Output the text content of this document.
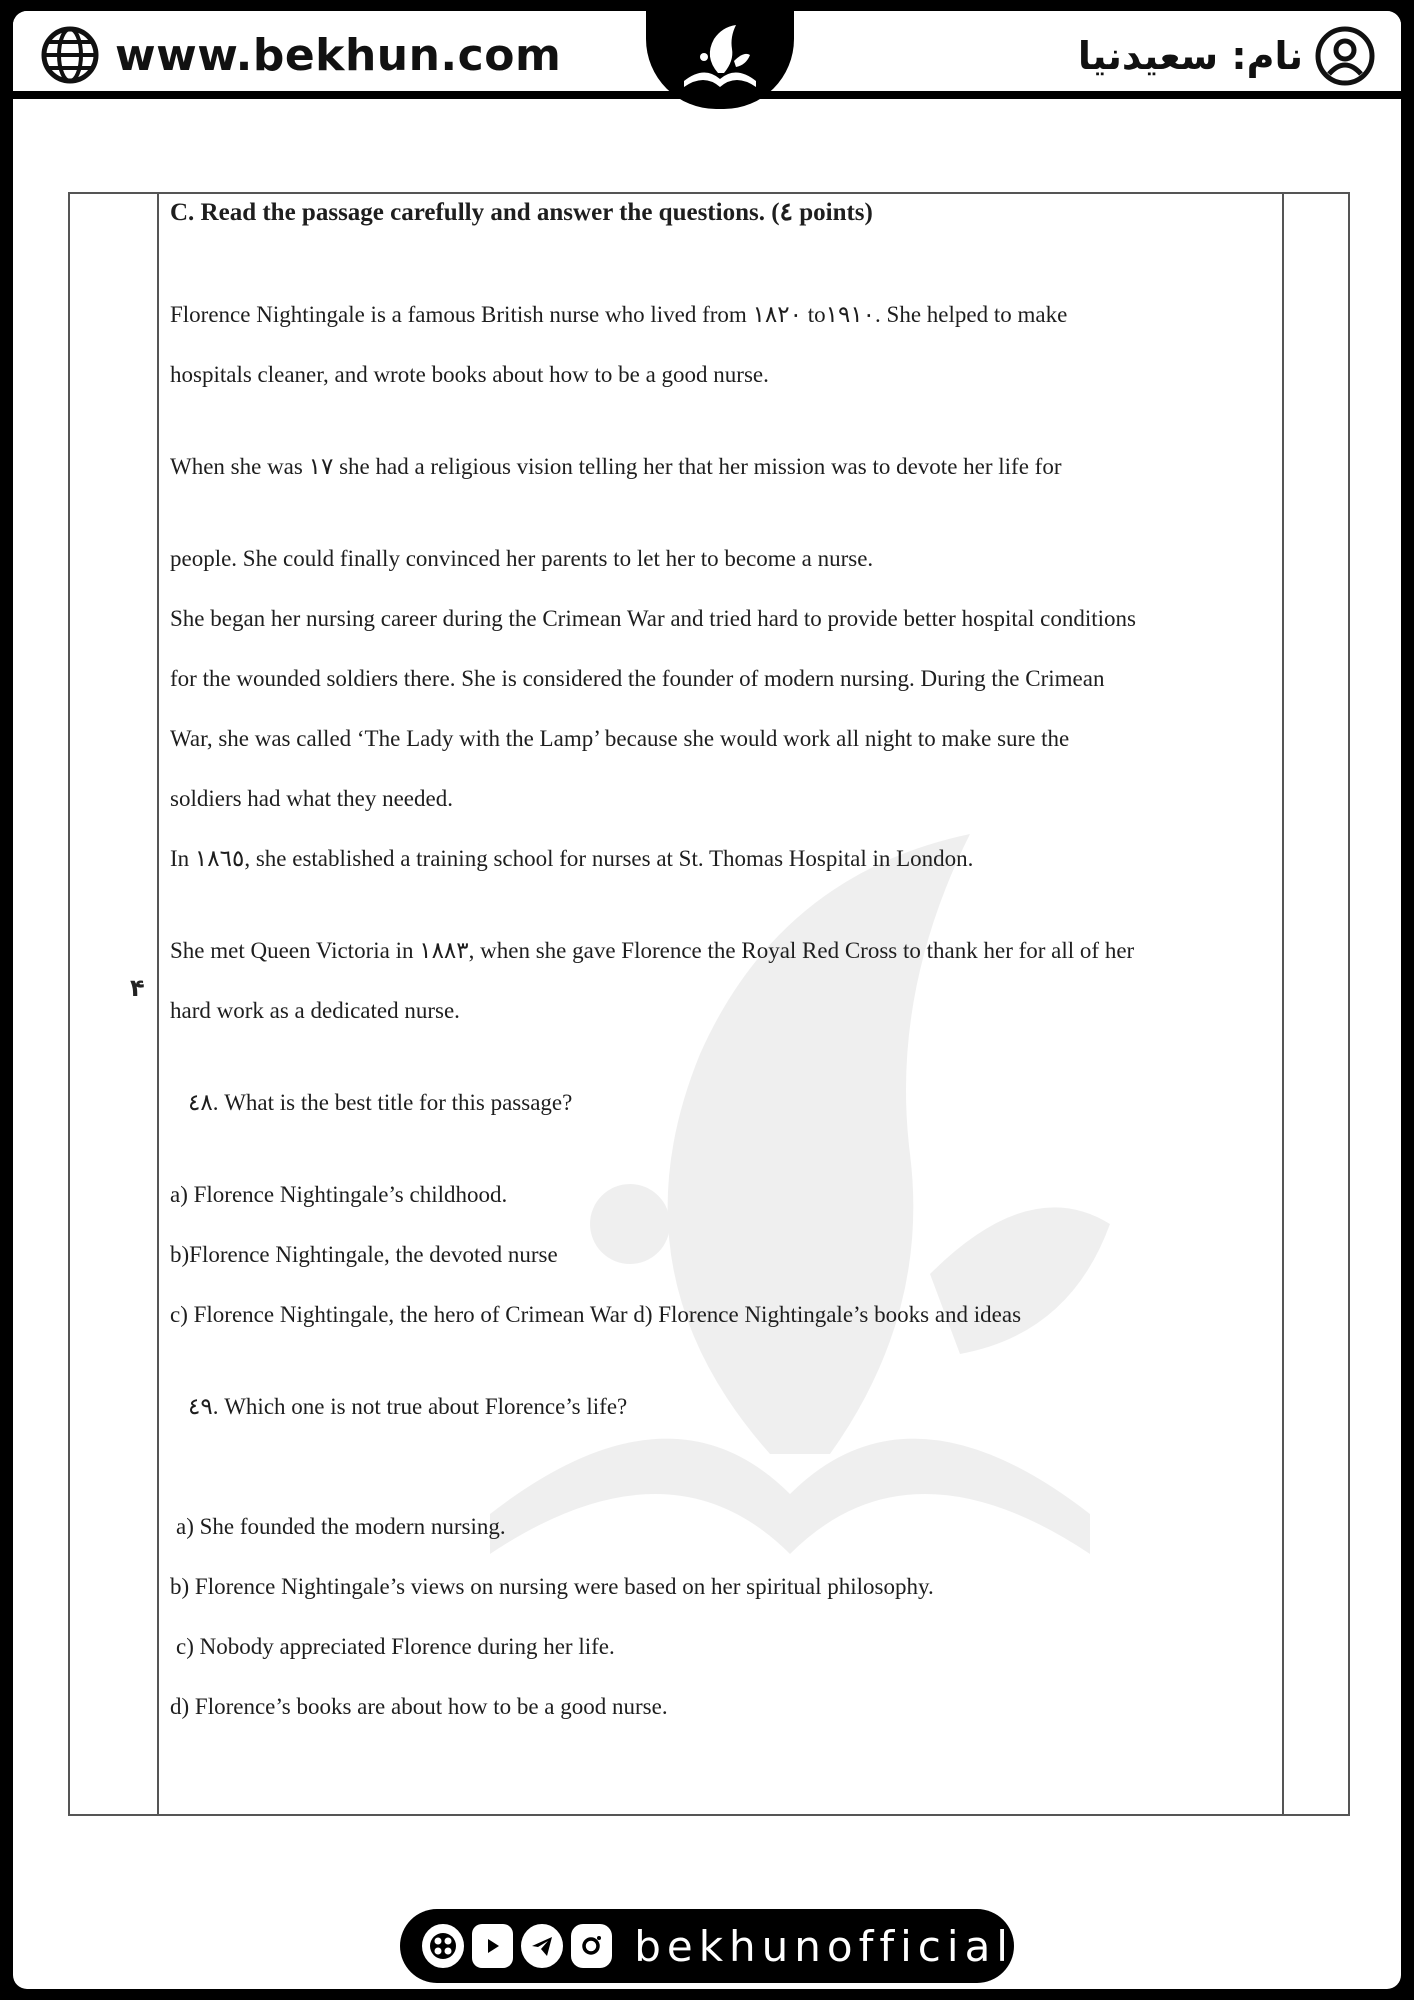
www.bekhun.com	نام: سعیدنیا
۴
C. Read the passage carefully and answer the questions. (٤ points)
Florence Nightingale is a famous British nurse who lived from ١٨٢٠ to١٩١٠. She helped to make
hospitals cleaner, and wrote books about how to be a good nurse.
When she was ١٧ she had a religious vision telling her that her mission was to devote her life for
people. She could finally convinced her parents to let her to become a nurse.
She began her nursing career during the Crimean War and tried hard to provide better hospital conditions
for the wounded soldiers there. She is considered the founder of modern nursing. During the Crimean
War, she was called ‘The Lady with the Lamp’ because she would work all night to make sure the
soldiers had what they needed.
In ١٨٦٥, she established a training school for nurses at St. Thomas Hospital in London.
She met Queen Victoria in ١٨٨٣, when she gave Florence the Royal Red Cross to thank her for all of her
hard work as a dedicated nurse.
٤٨. What is the best title for this passage?
a) Florence Nightingale’s childhood.
b)Florence Nightingale, the devoted nurse
c) Florence Nightingale, the hero of Crimean War d) Florence Nightingale’s books and ideas
٤٩. Which one is not true about Florence’s life?
a) She founded the modern nursing.
b) Florence Nightingale’s views on nursing were based on her spiritual philosophy.
c) Nobody appreciated Florence during her life.
d) Florence’s books are about how to be a good nurse.
bekhunofficial
